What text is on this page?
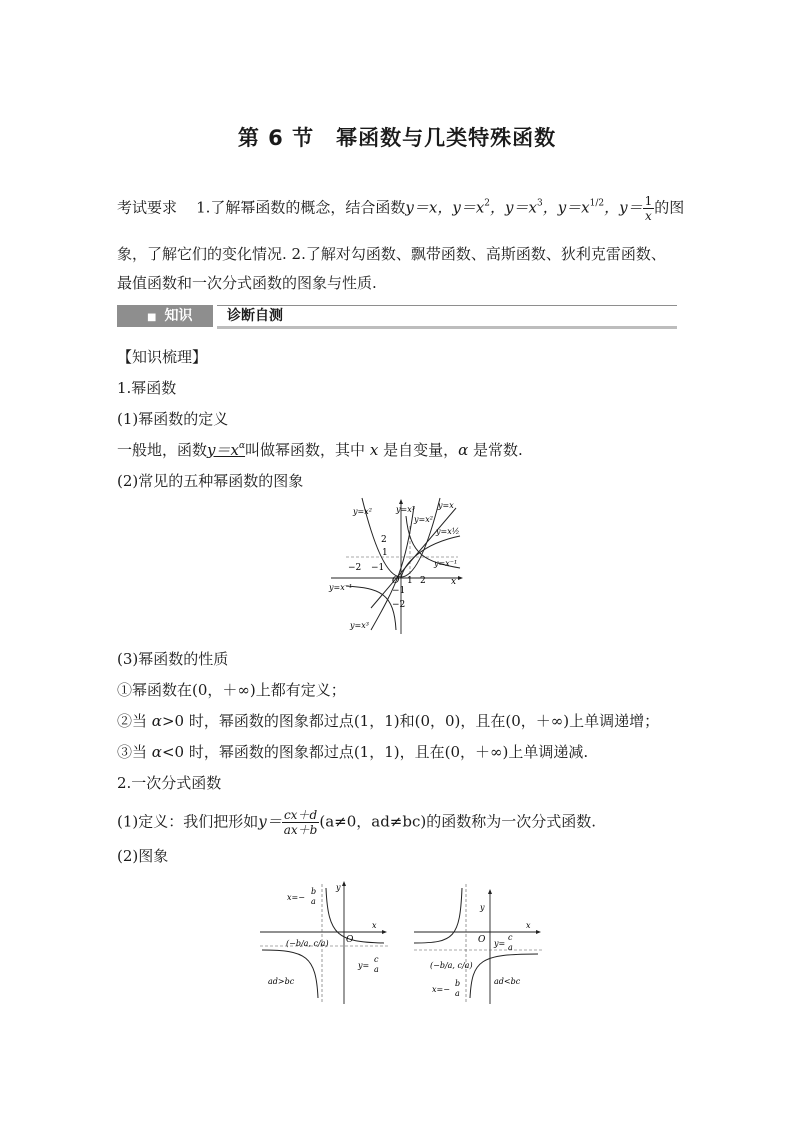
第 6 节　幂函数与几类特殊函数
考试要求 1.了解幂函数的概念，结合函数y＝x，$y=x^2$，$y=x^3$，$y=x^{1/2}$，$y= \frac{1}{x}$ 的图
象，了解它们的变化情况. 2.了解对勾函数、飘带函数、高斯函数、狄利克雷函数、
最值函数和一次分式函数的图象与性质.
■ 知识	诊断自测
【知识梳理】
1.幂函数
(1)幂函数的定义
一般地，函数$y=x^\alpha$叫做幂函数，其中 x 是自变量，α 是常数.
(2)常见的五种幂函数的图象
y=x²	y=x³	y=x
y=x²
y=x½
y=x⁻¹
y=x⁻¹
y=x³
2
1
−2 −1
O 1 2
−1
−2
x
(3)幂函数的性质
①幂函数在(0，＋∞)上都有定义；
②当 α>0 时，幂函数的图象都过点(1，1)和(0，0)，且在(0，＋∞)上单调递增；
③当 α<0 时，幂函数的图象都过点(1，1)，且在(0，＋∞)上单调递减.
2.一次分式函数
(1)定义：我们把形如$y= \frac{cx+d}{ax+b} (a\ne 0$，ad≠bc)的函数称为一次分式函数.
(2)图象
x=−
b
a
y
x
O
(−b/a, c/a)
y=
c
a
ad>bc
y
x
O y=
c
a
(−b/a, c/a)
x=−
b
a
ad<bc
